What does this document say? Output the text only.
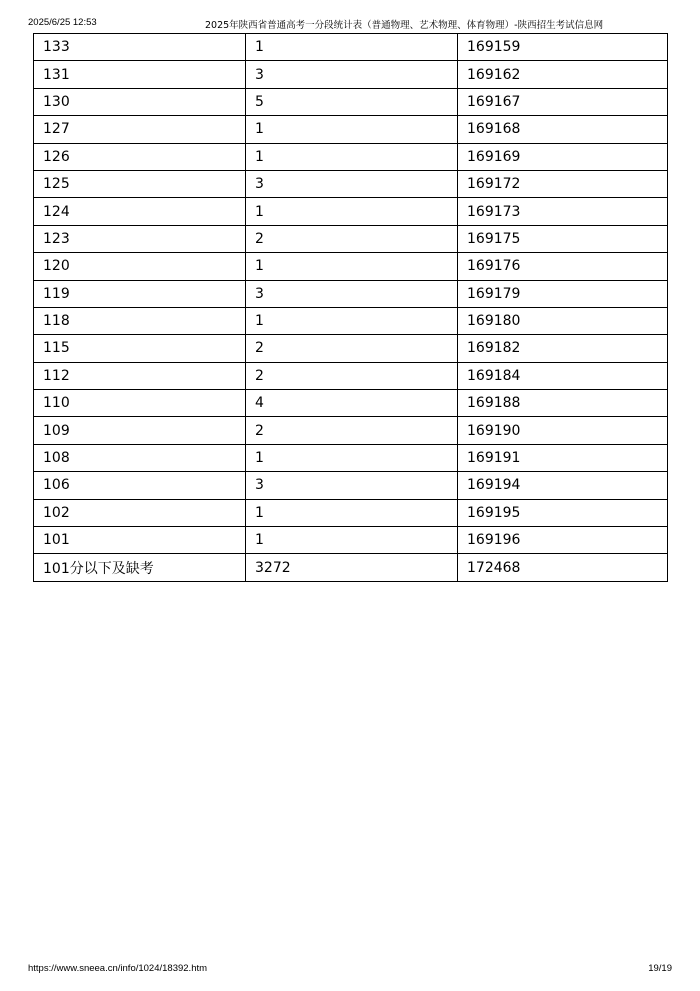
2025/6/25 12:53	2025年陕西省普通高考一分段统计表（普通物理、艺术物理、体育物理）-陕西招生考试信息网
133	1	169159
131	3	169162
130	5	169167
127	1	169168
126	1	169169
125	3	169172
124	1	169173
123	2	169175
120	1	169176
119	3	169179
118	1	169180
115	2	169182
112	2	169184
110	4	169188
109	2	169190
108	1	169191
106	3	169194
102	1	169195
101	1	169196
101分以下及缺考	3272	172468
https://www.sneea.cn/info/1024/18392.htm	19/19
